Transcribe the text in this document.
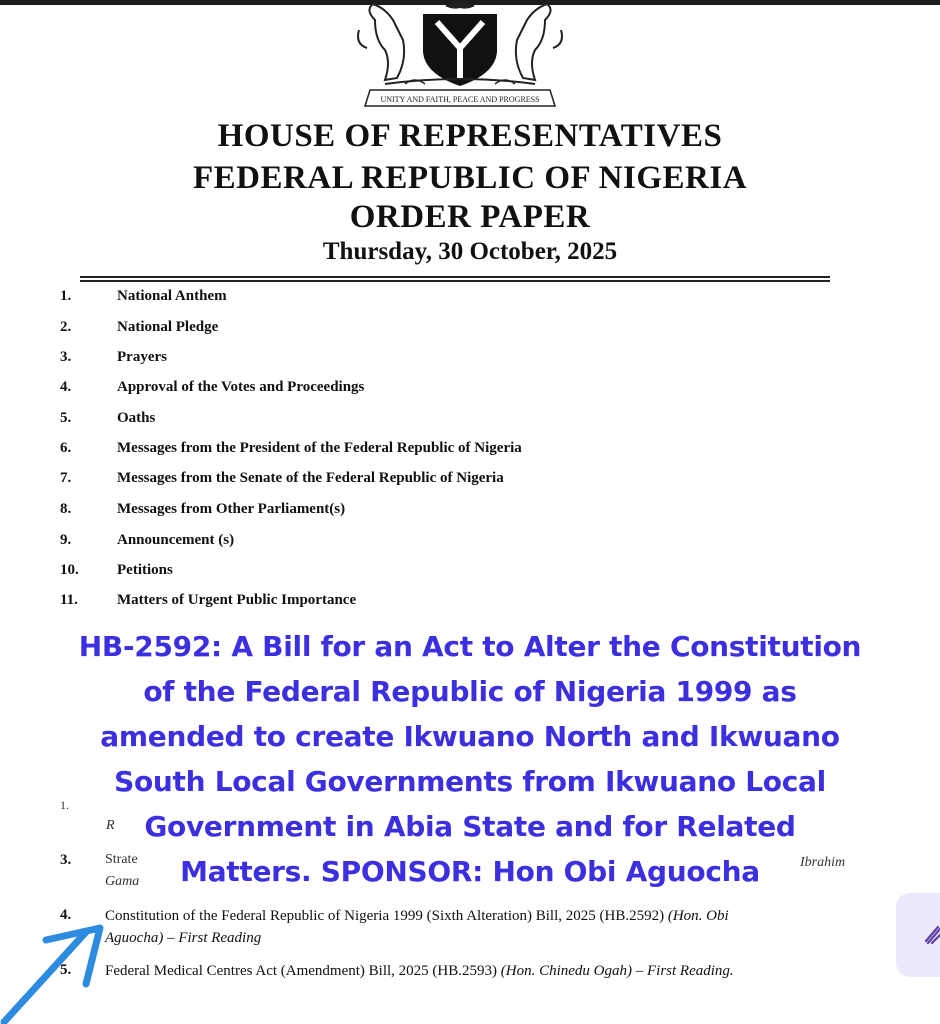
UNITY AND FAITH, PEACE AND PROGRESS
HOUSE OF REPRESENTATIVES
FEDERAL REPUBLIC OF NIGERIA
ORDER PAPER
Thursday, 30 October, 2025
1.	National Anthem
2.	National Pledge
3.	Prayers
4.	Approval of the Votes and Proceedings
5.	Oaths
6.	Messages from the President of the Federal Republic of Nigeria
7.	Messages from the Senate of the Federal Republic of Nigeria
8.	Messages from Other Parliament(s)
9.	Announcement (s)
10.	Petitions
11.	Matters of Urgent Public Importance
1.
R
3. Strate
Gama
Ibrahim
HB-2592: A Bill for an Act to Alter the Constitution
of the Federal Republic of Nigeria 1999 as
amended to create Ikwuano North and Ikwuano
South Local Governments from Ikwuano Local
Government in Abia State and for Related
Matters. SPONSOR: Hon Obi Aguocha
4. Constitution of the Federal Republic of Nigeria 1999 (Sixth Alteration) Bill, 2025 (HB.2592) (Hon. Obi
Aguocha) – First Reading
5. Federal Medical Centres Act (Amendment) Bill, 2025 (HB.2593) (Hon. Chinedu Ogah) – First Reading.
